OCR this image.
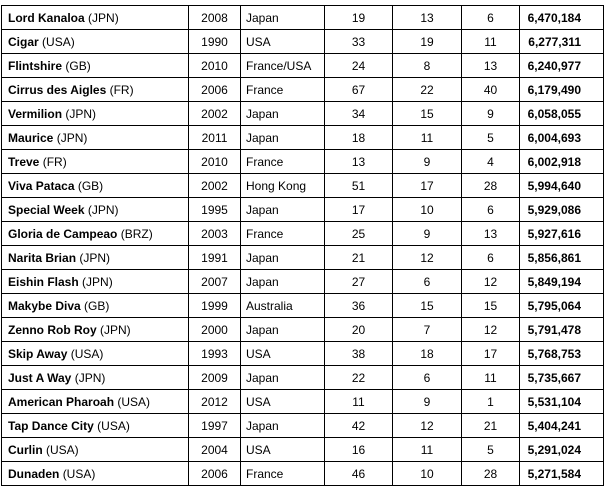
Lord Kanaloa (JPN)	2008	Japan	19	13	6	6,470,184
Cigar (USA)	1990	USA	33	19	11	6,277,311
Flintshire (GB)	2010	France/USA	24	8	13	6,240,977
Cirrus des Aigles (FR)	2006	France	67	22	40	6,179,490
Vermilion (JPN)	2002	Japan	34	15	9	6,058,055
Maurice (JPN)	2011	Japan	18	11	5	6,004,693
Treve (FR)	2010	France	13	9	4	6,002,918
Viva Pataca (GB)	2002	Hong Kong	51	17	28	5,994,640
Special Week (JPN)	1995	Japan	17	10	6	5,929,086
Gloria de Campeao (BRZ)	2003	France	25	9	13	5,927,616
Narita Brian (JPN)	1991	Japan	21	12	6	5,856,861
Eishin Flash (JPN)	2007	Japan	27	6	12	5,849,194
Makybe Diva (GB)	1999	Australia	36	15	15	5,795,064
Zenno Rob Roy (JPN)	2000	Japan	20	7	12	5,791,478
Skip Away (USA)	1993	USA	38	18	17	5,768,753
Just A Way (JPN)	2009	Japan	22	6	11	5,735,667
American Pharoah (USA)	2012	USA	11	9	1	5,531,104
Tap Dance City (USA)	1997	Japan	42	12	21	5,404,241
Curlin (USA)	2004	USA	16	11	5	5,291,024
Dunaden (USA)	2006	France	46	10	28	5,271,584
